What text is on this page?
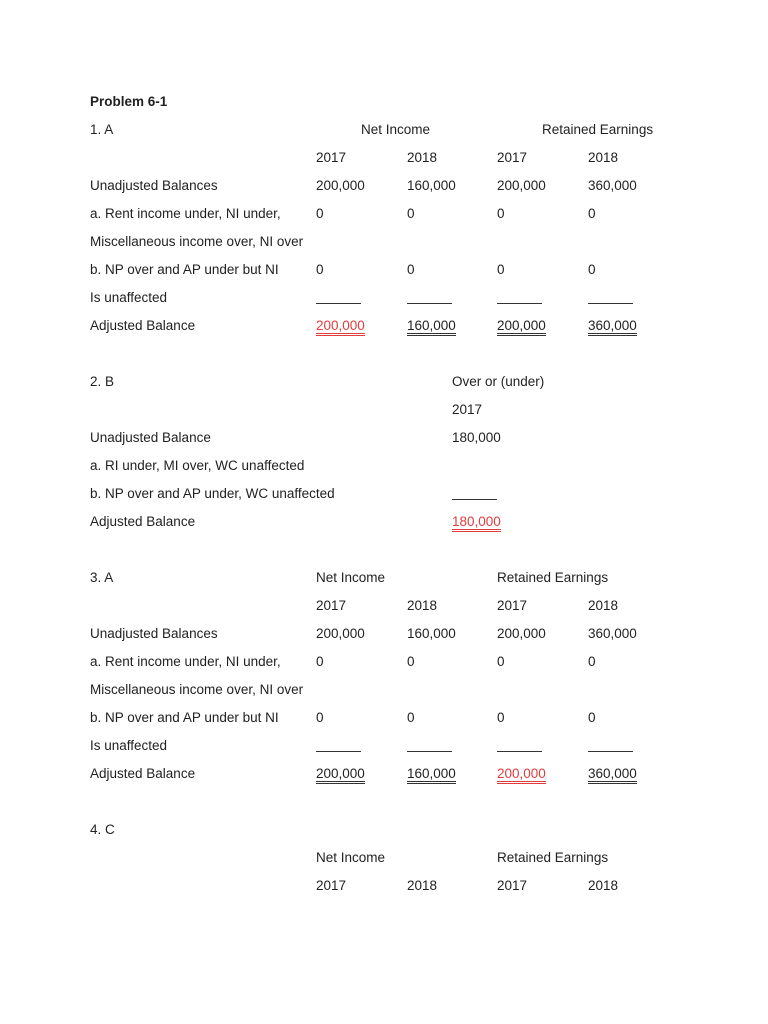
Problem 6-1
1. A	Net Income	Retained Earnings
2017	2018	2017	2018
Unadjusted Balances	200,000	160,000	200,000	360,000
a. Rent income under, NI under,	0	0	0	0
Miscellaneous income over, NI over
b. NP over and AP under but NI	0	0	0	0
Is unaffected
Adjusted Balance	200,000	160,000	200,000	360,000
2. B	Over or (under)
2017
Unadjusted Balance	180,000
a. RI under, MI over, WC unaffected
b. NP over and AP under, WC unaffected
Adjusted Balance	180,000
3. A	Net Income	Retained Earnings
2017	2018	2017	2018
Unadjusted Balances	200,000	160,000	200,000	360,000
a. Rent income under, NI under,	0	0	0	0
Miscellaneous income over, NI over
b. NP over and AP under but NI	0	0	0	0
Is unaffected
Adjusted Balance	200,000	160,000	200,000	360,000
4. C
Net Income	Retained Earnings
2017	2018	2017	2018
